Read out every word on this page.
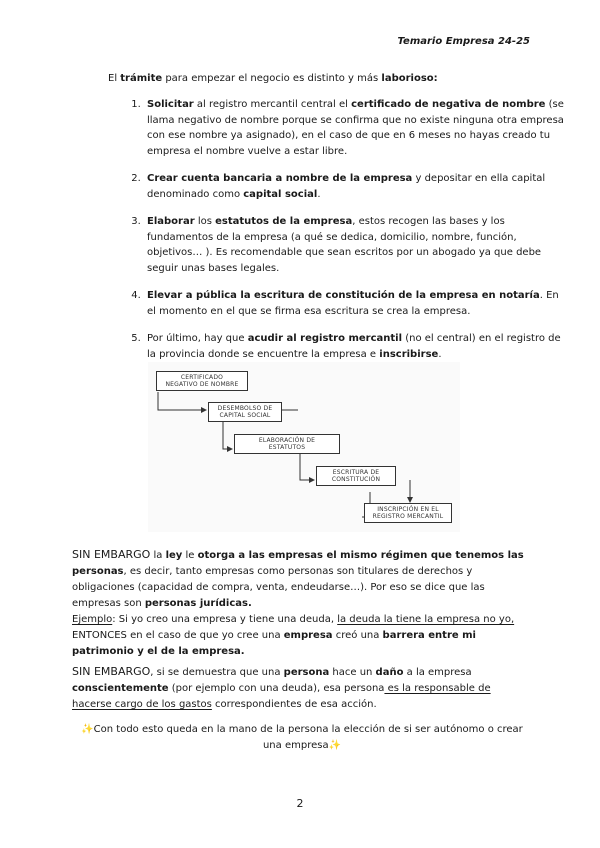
Temario Empresa 24-25
El trámite para empezar el negocio es distinto y más laborioso:
1. Solicitar al registro mercantil central el certificado de negativa de nombre (se llama negativo de nombre porque se confirma que no existe ninguna otra empresa con ese nombre ya asignado), en el caso de que en 6 meses no hayas creado tu empresa el nombre vuelve a estar libre.
2. Crear cuenta bancaria a nombre de la empresa y depositar en ella capital denominado como capital social.
3. Elaborar los estatutos de la empresa, estos recogen las bases y los fundamentos de la empresa (a qué se dedica, domicilio, nombre, función, objetivos… ). Es recomendable que sean escritos por un abogado ya que debe seguir unas bases legales.
4. Elevar a pública la escritura de constitución de la empresa en notaría. En el momento en el que se firma esa escritura se crea la empresa.
5. Por último, hay que acudir al registro mercantil (no el central) en el registro de la provincia donde se encuentre la empresa e inscribirse.
CERTIFICADO
NEGATIVO DE NOMBRE
DESEMBOLSO DE
CAPITAL SOCIAL
ELABORACIÓN DE
ESTATUTOS
ESCRITURA DE
CONSTITUCIÓN
INSCRIPCIÓN EN EL
REGISTRO MERCANTIL
SIN EMBARGO la ley le otorga a las empresas el mismo régimen que tenemos las personas, es decir, tanto empresas como personas son titulares de derechos y obligaciones (capacidad de compra, venta, endeudarse…). Por eso se dice que las empresas son personas jurídicas.
Ejemplo: Si yo creo una empresa y tiene una deuda, la deuda la tiene la empresa no yo, ENTONCES en el caso de que yo cree una empresa creó una barrera entre mi patrimonio y el de la empresa.
SIN EMBARGO, si se demuestra que una persona hace un daño a la empresa conscientemente (por ejemplo con una deuda), esa persona es la responsable de hacerse cargo de los gastos correspondientes de esa acción.
✨Con todo esto queda en la mano de la persona la elección de si ser autónomo o crear una empresa✨
2
